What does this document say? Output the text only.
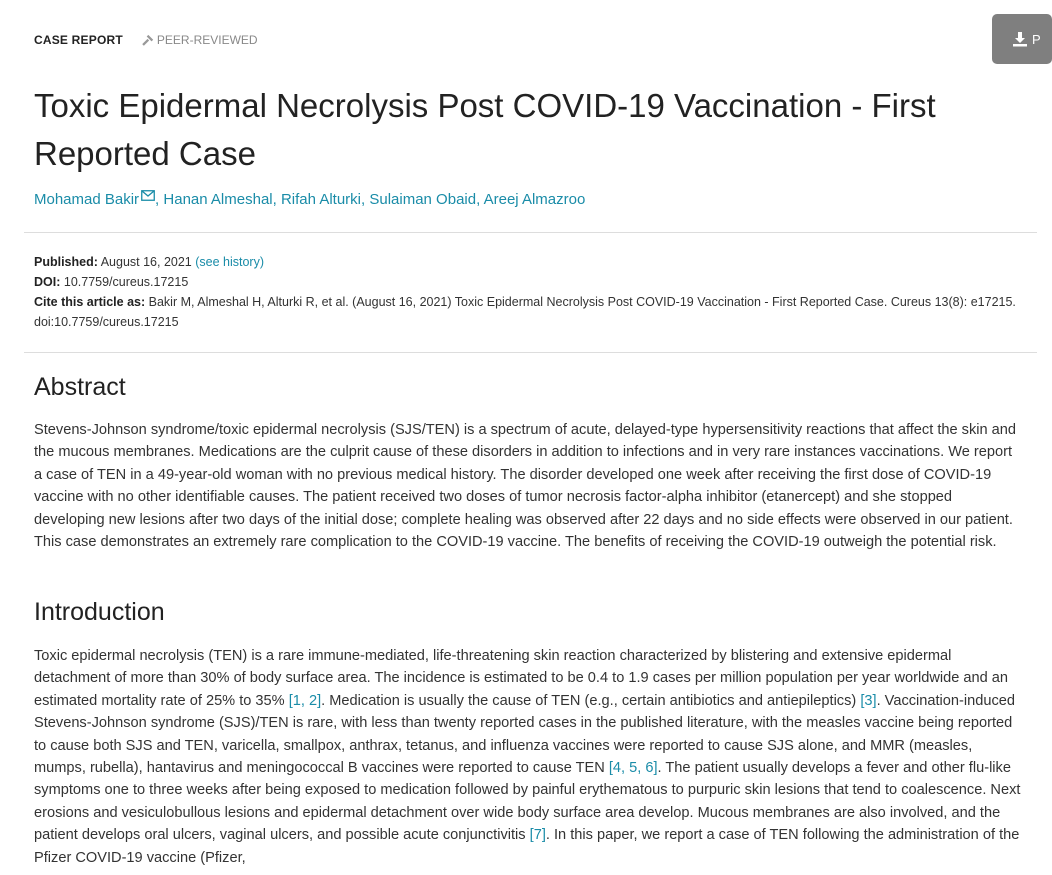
CASE REPORT	PEER-REVIEWED	P
Toxic Epidermal Necrolysis Post COVID-19 Vaccination - First Reported Case
Mohamad Bakir , Hanan Almeshal, Rifah Alturki, Sulaiman Obaid, Areej Almazroo

Published: August 16, 2021 (see history)

DOI: 10.7759/cureus.17215

Cite this article as: Bakir M, Almeshal H, Alturki R, et al. (August 16, 2021) Toxic Epidermal Necrolysis Post COVID-19 Vaccination - First Reported Case. Cureus 13(8): e17215. doi:10.7759/cureus.17215

Abstract

Stevens-Johnson syndrome/toxic epidermal necrolysis (SJS/TEN) is a spectrum of acute, delayed-type hypersensitivity reactions that affect the skin and the mucous membranes. Medications are the culprit cause of these disorders in addition to infections and in very rare instances vaccinations. We report a case of TEN in a 49-year-old woman with no previous medical history. The disorder developed one week after receiving the first dose of COVID-19 vaccine with no other identifiable causes. The patient received two doses of tumor necrosis factor-alpha inhibitor (etanercept) and she stopped developing new lesions after two days of the initial dose; complete healing was observed after 22 days and no side effects were observed in our patient. This case demonstrates an extremely rare complication to the COVID-19 vaccine. The benefits of receiving the COVID-19 outweigh the potential risk.

Introduction

Toxic epidermal necrolysis (TEN) is a rare immune-mediated, life-threatening skin reaction characterized by blistering and extensive epidermal detachment of more than 30% of body surface area. The incidence is estimated to be 0.4 to 1.9 cases per million population per year worldwide and an estimated mortality rate of 25% to 35% [1, 2]. Medication is usually the cause of TEN (e.g., certain antibiotics and antiepileptics) [3]. Vaccination-induced Stevens-Johnson syndrome (SJS)/TEN is rare, with less than twenty reported cases in the published literature, with the measles vaccine being reported to cause both SJS and TEN, varicella, smallpox, anthrax, tetanus, and influenza vaccines were reported to cause SJS alone, and MMR (measles, mumps, rubella), hantavirus and meningococcal B vaccines were reported to cause TEN [4, 5, 6]. The patient usually develops a fever and other flu-like symptoms one to three weeks after being exposed to medication followed by painful erythematous to purpuric skin lesions that tend to coalescence. Next erosions and vesiculobullous lesions and epidermal detachment over wide body surface area develop. Mucous membranes are also involved, and the patient develops oral ulcers, vaginal ulcers, and possible acute conjunctivitis [7]. In this paper, we report a case of TEN following the administration of the Pfizer COVID-19 vaccine (Pfizer,
